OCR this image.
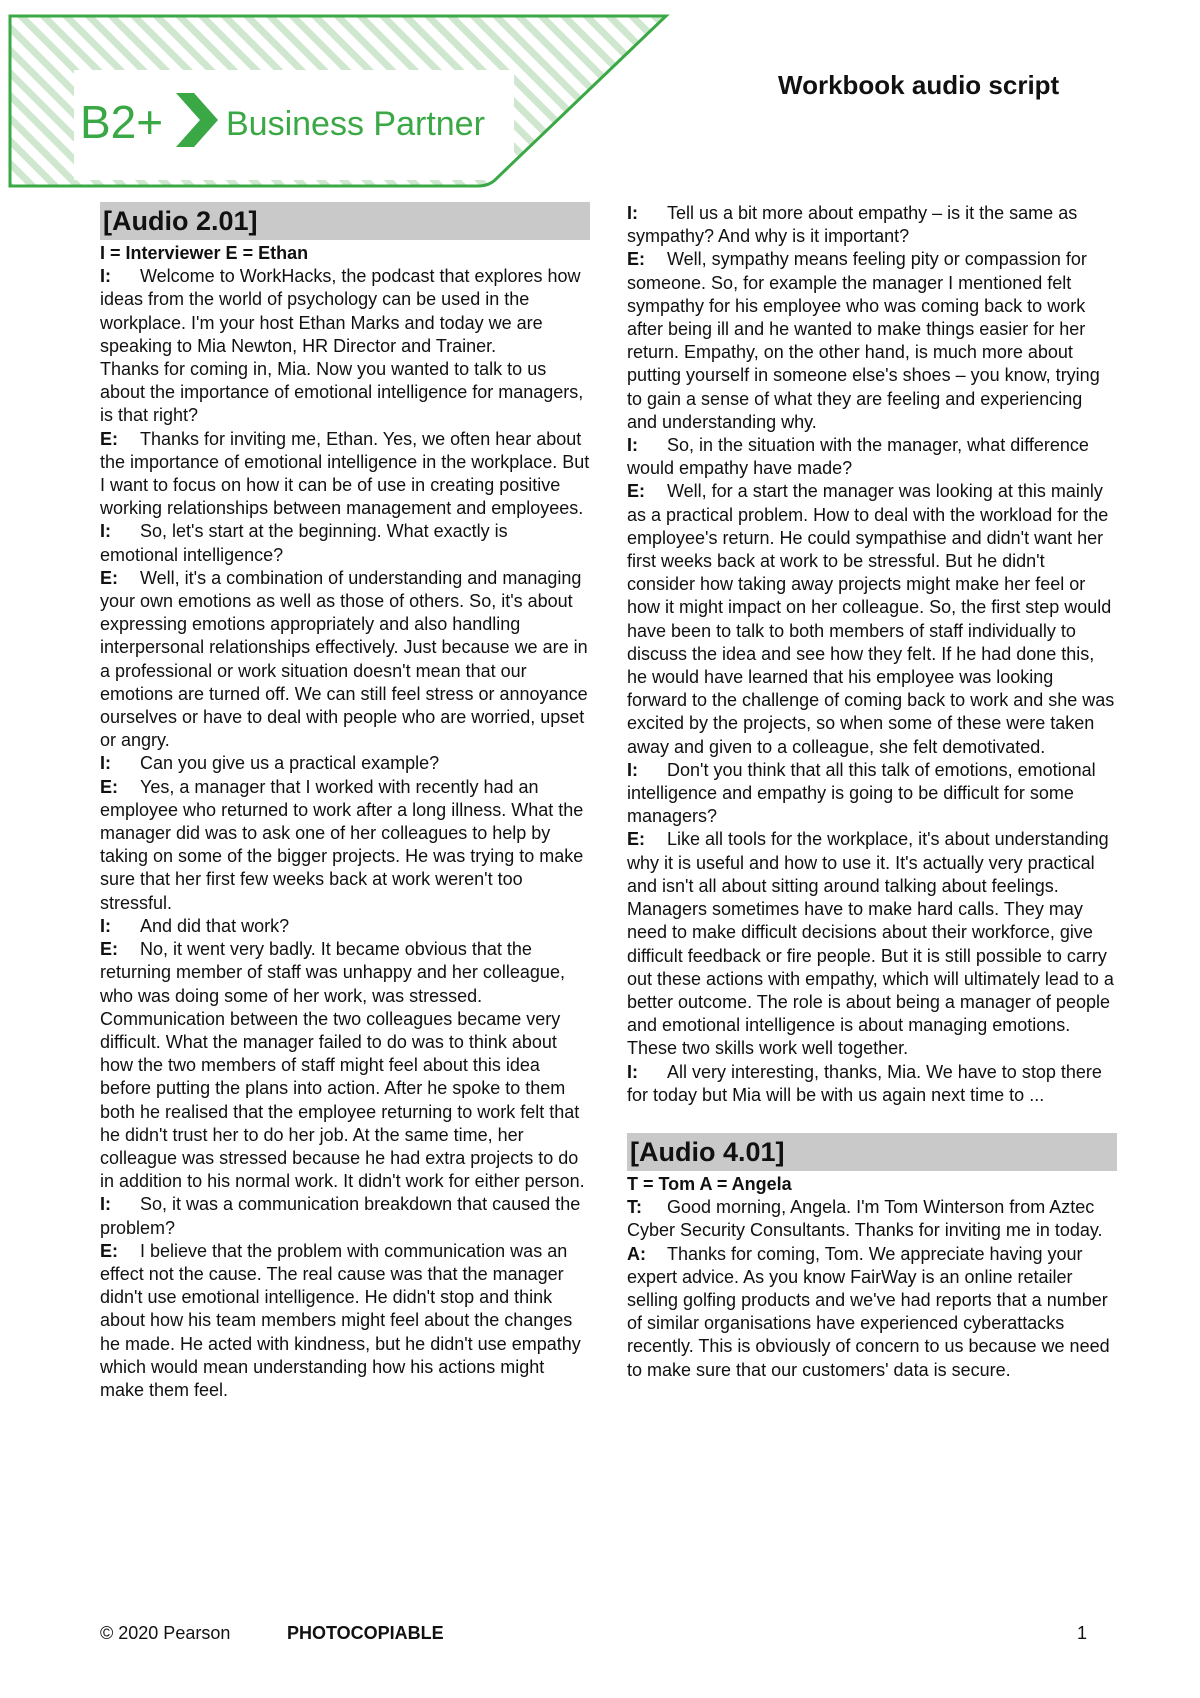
B2+ Business Partner
Workbook audio script
[Audio 2.01]
I = Interviewer E = Ethan
I: Welcome to WorkHacks, the podcast that explores how ideas from the world of psychology can be used in the workplace. I'm your host Ethan Marks and today we are speaking to Mia Newton, HR Director and Trainer.
Thanks for coming in, Mia. Now you wanted to talk to us about the importance of emotional intelligence for managers, is that right?
E: Thanks for inviting me, Ethan. Yes, we often hear about the importance of emotional intelligence in the workplace. But I want to focus on how it can be of use in creating positive working relationships between management and employees.
I: So, let's start at the beginning. What exactly is emotional intelligence?
E: Well, it's a combination of understanding and managing your own emotions as well as those of others. So, it's about expressing emotions appropriately and also handling interpersonal relationships effectively. Just because we are in a professional or work situation doesn't mean that our emotions are turned off. We can still feel stress or annoyance ourselves or have to deal with people who are worried, upset or angry.
I: Can you give us a practical example?
E: Yes, a manager that I worked with recently had an employee who returned to work after a long illness. What the manager did was to ask one of her colleagues to help by taking on some of the bigger projects. He was trying to make sure that her first few weeks back at work weren't too stressful.
I: And did that work?
E: No, it went very badly. It became obvious that the returning member of staff was unhappy and her colleague, who was doing some of her work, was stressed. Communication between the two colleagues became very difficult. What the manager failed to do was to think about how the two members of staff might feel about this idea before putting the plans into action. After he spoke to them both he realised that the employee returning to work felt that he didn't trust her to do her job. At the same time, her colleague was stressed because he had extra projects to do in addition to his normal work. It didn't work for either person.
I: So, it was a communication breakdown that caused the problem?
E: I believe that the problem with communication was an effect not the cause. The real cause was that the manager didn't use emotional intelligence. He didn't stop and think about how his team members might feel about the changes he made. He acted with kindness, but he didn't use empathy which would mean understanding how his actions might make them feel.
I: Tell us a bit more about empathy – is it the same as sympathy? And why is it important?
E: Well, sympathy means feeling pity or compassion for someone. So, for example the manager I mentioned felt sympathy for his employee who was coming back to work after being ill and he wanted to make things easier for her return. Empathy, on the other hand, is much more about putting yourself in someone else's shoes – you know, trying to gain a sense of what they are feeling and experiencing and understanding why.
I: So, in the situation with the manager, what difference would empathy have made?
E: Well, for a start the manager was looking at this mainly as a practical problem. How to deal with the workload for the employee's return. He could sympathise and didn't want her first weeks back at work to be stressful. But he didn't consider how taking away projects might make her feel or how it might impact on her colleague. So, the first step would have been to talk to both members of staff individually to discuss the idea and see how they felt. If he had done this, he would have learned that his employee was looking forward to the challenge of coming back to work and she was excited by the projects, so when some of these were taken away and given to a colleague, she felt demotivated.
I: Don't you think that all this talk of emotions, emotional intelligence and empathy is going to be difficult for some managers?
E: Like all tools for the workplace, it's about understanding why it is useful and how to use it. It's actually very practical and isn't all about sitting around talking about feelings. Managers sometimes have to make hard calls. They may need to make difficult decisions about their workforce, give difficult feedback or fire people. But it is still possible to carry out these actions with empathy, which will ultimately lead to a better outcome. The role is about being a manager of people and emotional intelligence is about managing emotions. These two skills work well together.
I: All very interesting, thanks, Mia. We have to stop there for today but Mia will be with us again next time to ...
[Audio 4.01]
T = Tom A = Angela
T: Good morning, Angela. I'm Tom Winterson from Aztec Cyber Security Consultants. Thanks for inviting me in today.
A: Thanks for coming, Tom. We appreciate having your expert advice. As you know FairWay is an online retailer selling golfing products and we've had reports that a number of similar organisations have experienced cyberattacks recently. This is obviously of concern to us because we need to make sure that our customers' data is secure.
© 2020 Pearson	PHOTOCOPIABLE	1
